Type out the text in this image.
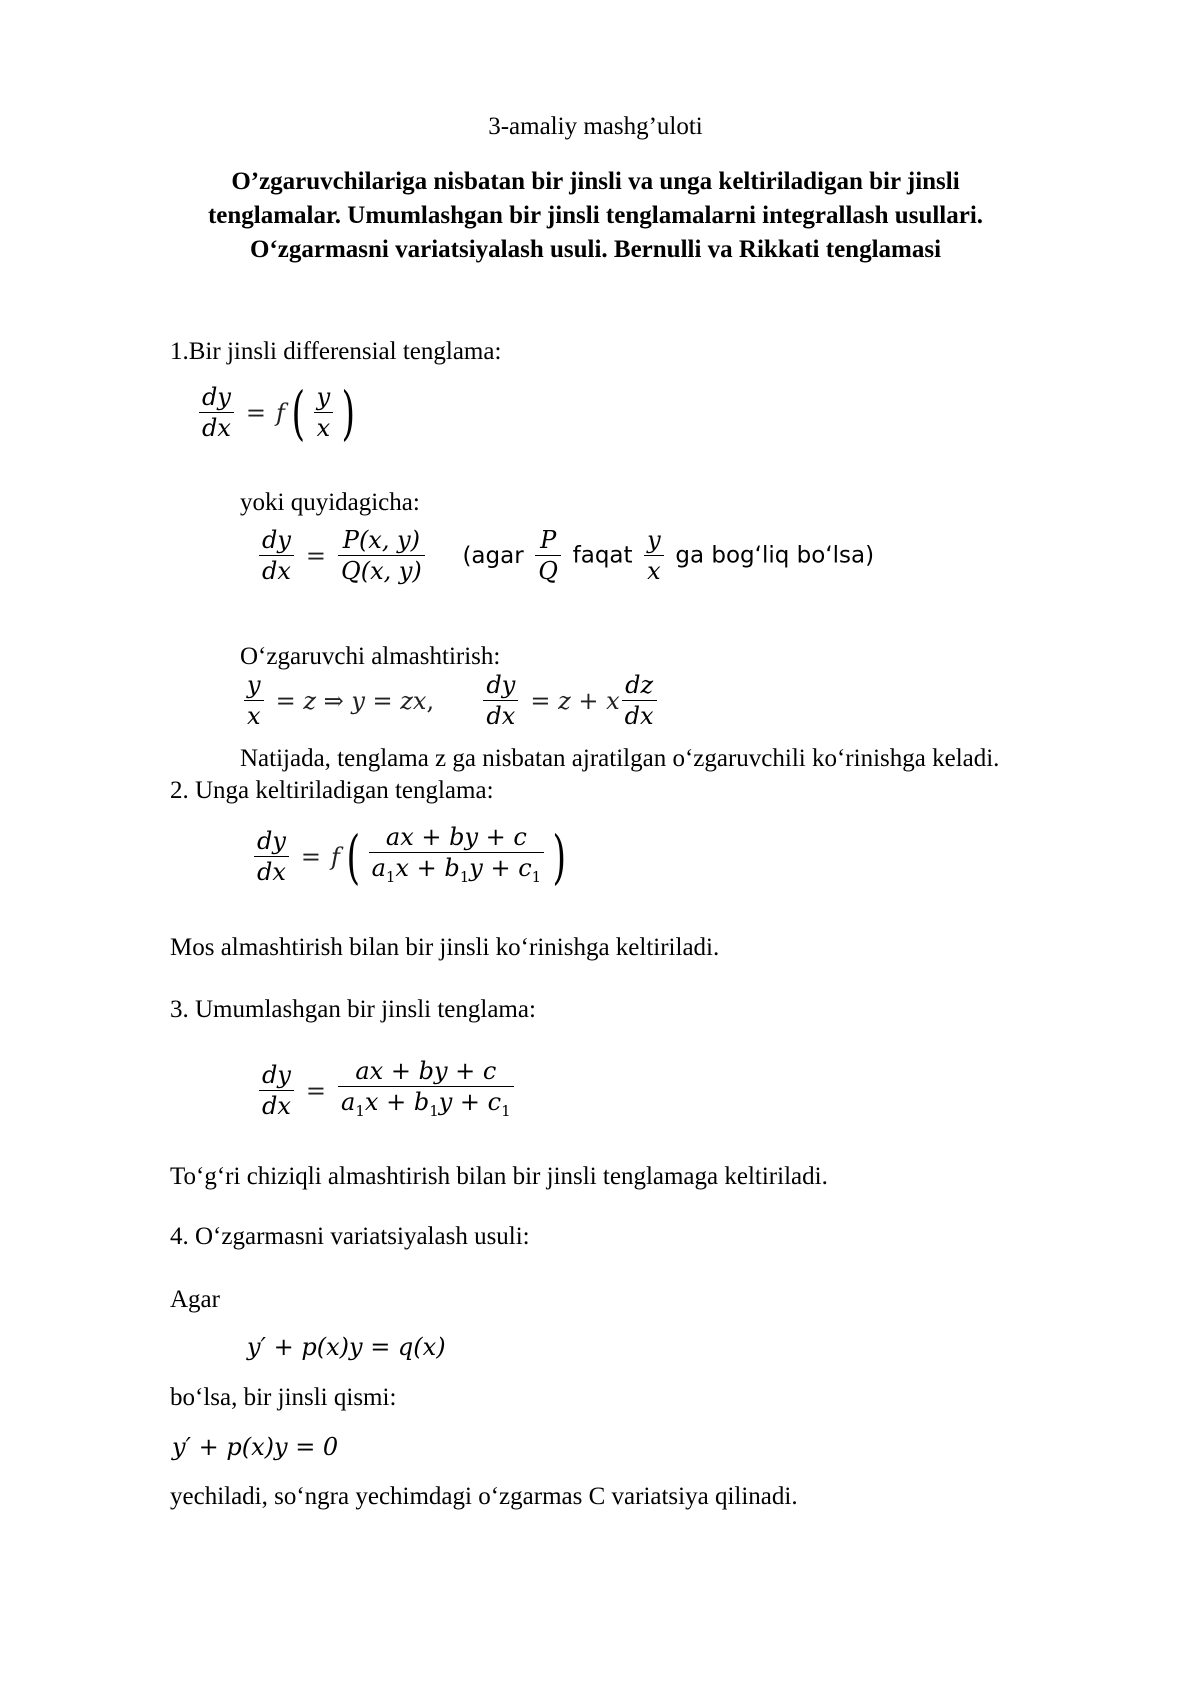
3-amaliy mashg’uloti
O’zgaruvchilariga nisbatan bir jinsli va unga keltiriladigan bir jinsli
tenglamalar. Umumlashgan bir jinsli tenglamalarni integrallash usullari.
O‘zgarmasni variatsiyalash usuli. Bernulli va Rikkati tenglamasi
1.Bir jinsli differensial tenglama:
$\frac{dy}{dx} = f$ ( $\frac{y}{x}$ )
yoki quyidagicha:
$\frac{dy}{dx} = \frac{P(x, y)}{Q(x, y)}$ (agar $\frac{P}{Q}$ faqat $\frac{y}{x}$ ga bog‘liq bo‘lsa)
O‘zgaruvchi almashtirish:
$\frac{y}{x} = z$ ⇒ y = zx, $\frac{dy}{dx} = z + x \frac{dz}{dx}$
Natijada, tenglama z ga nisbatan ajratilgan o‘zgaruvchili ko‘rinishga keladi.
2. Unga keltiriladigan tenglama:
$\frac{dy}{dx} = f$ ( $\frac{ax + by + c}{a_1x + b_1y + c_1}$ )
Mos almashtirish bilan bir jinsli ko‘rinishga keltiriladi.
3. Umumlashgan bir jinsli tenglama:
$\frac{dy}{dx} = \frac{ax + by + c}{a_1x + b_1y + c_1}$
To‘g‘ri chiziqli almashtirish bilan bir jinsli tenglamaga keltiriladi.
4. O‘zgarmasni variatsiyalash usuli:
Agar
y′ + p(x)y = q(x)
bo‘lsa, bir jinsli qismi:
y′ + p(x)y = 0
yechiladi, so‘ngra yechimdagi o‘zgarmas C variatsiya qilinadi.
